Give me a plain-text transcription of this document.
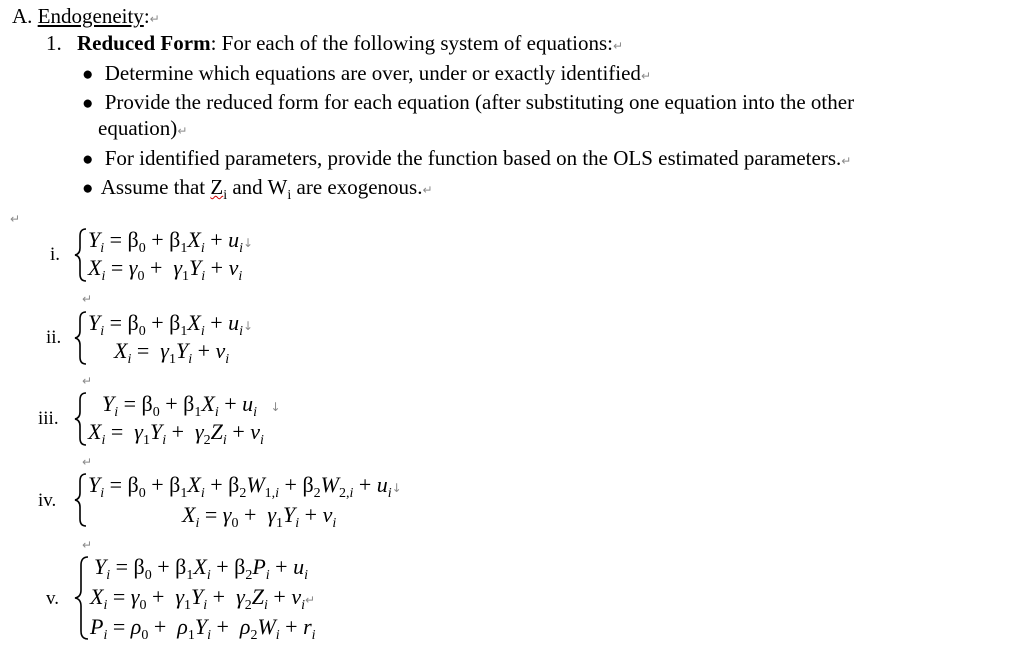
A. Endogeneity:↵
1. Reduced Form: For each of the following system of equations:↵
● Determine which equations are over, under or exactly identified↵
● Provide the reduced form for each equation (after substituting one equation into the other
equation)↵
● For identified parameters, provide the function based on the OLS estimated parameters.↵
● Assume that $Z_i$ and $W_i$ are exogenous.↵
↵
i.
$Y_i = \beta_0 + \beta_1X_i$ + $u_i↓$
$X_i = \gamma_0 + \gamma_1Y_i + v_i$
↵
ii.
$Y_i = \beta_0 + \beta_1X_i$ + $u_i↓$
$X_i = \gamma_1Y_i + v_i$
↵
iii.
$Y_i = \beta_0 + \beta_1X_i + u_i$ ↓
$X_i = \gamma_1Y_i + \gamma_2Z_i + v_i$
↵
iv.
$Y_i = \beta_0 + \beta_1X_i + \beta_2W_{1,i} + \beta_2W_{2,i}$ + $u_i↓$
$X_i = \gamma_0 + \gamma_1Y_i + v_i$
↵
v.
$Y_i = \beta_0 + \beta_1X_i + \beta_2P_i + u_i$
$X_i = \gamma_0 + \gamma_1Y_i + \gamma_2Z_i$ + $v_i↵$
$P_i = \rho_0 + \rho_1Y_i + \rho_2W_i + r_i$
